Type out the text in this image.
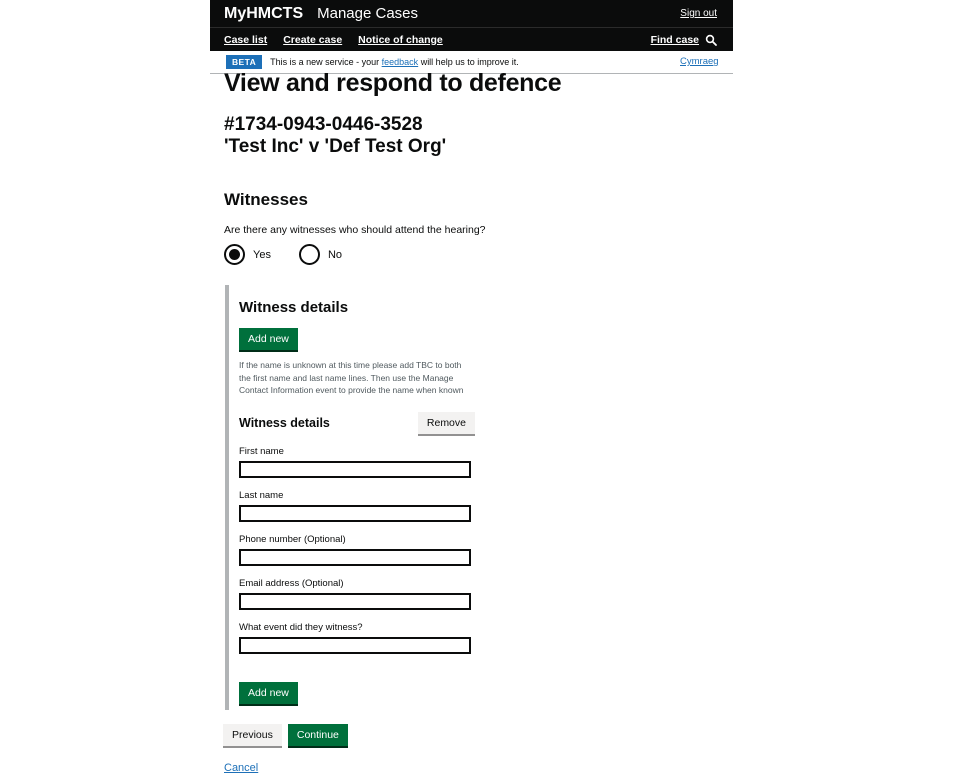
MyHMCTS Manage Cases	Sign out
Case list Create case Notice of change	Find case
BETA	This is a new service - your feedback will help us to improve it.	Cymraeg
View and respond to defence
#1734-0943-0446-3528
'Test Inc' v 'Def Test Org'
Witnesses
Are there any witnesses who should attend the hearing?
Yes	No
Witness details
Add new
If the name is unknown at this time please add TBC to both the first name and last name lines. Then use the Manage Contact Information event to provide the name when known
Witness details	Remove
First name
Last name
Phone number (Optional)
Email address (Optional)
What event did they witness?
Add new
Previous	Continue
Cancel
